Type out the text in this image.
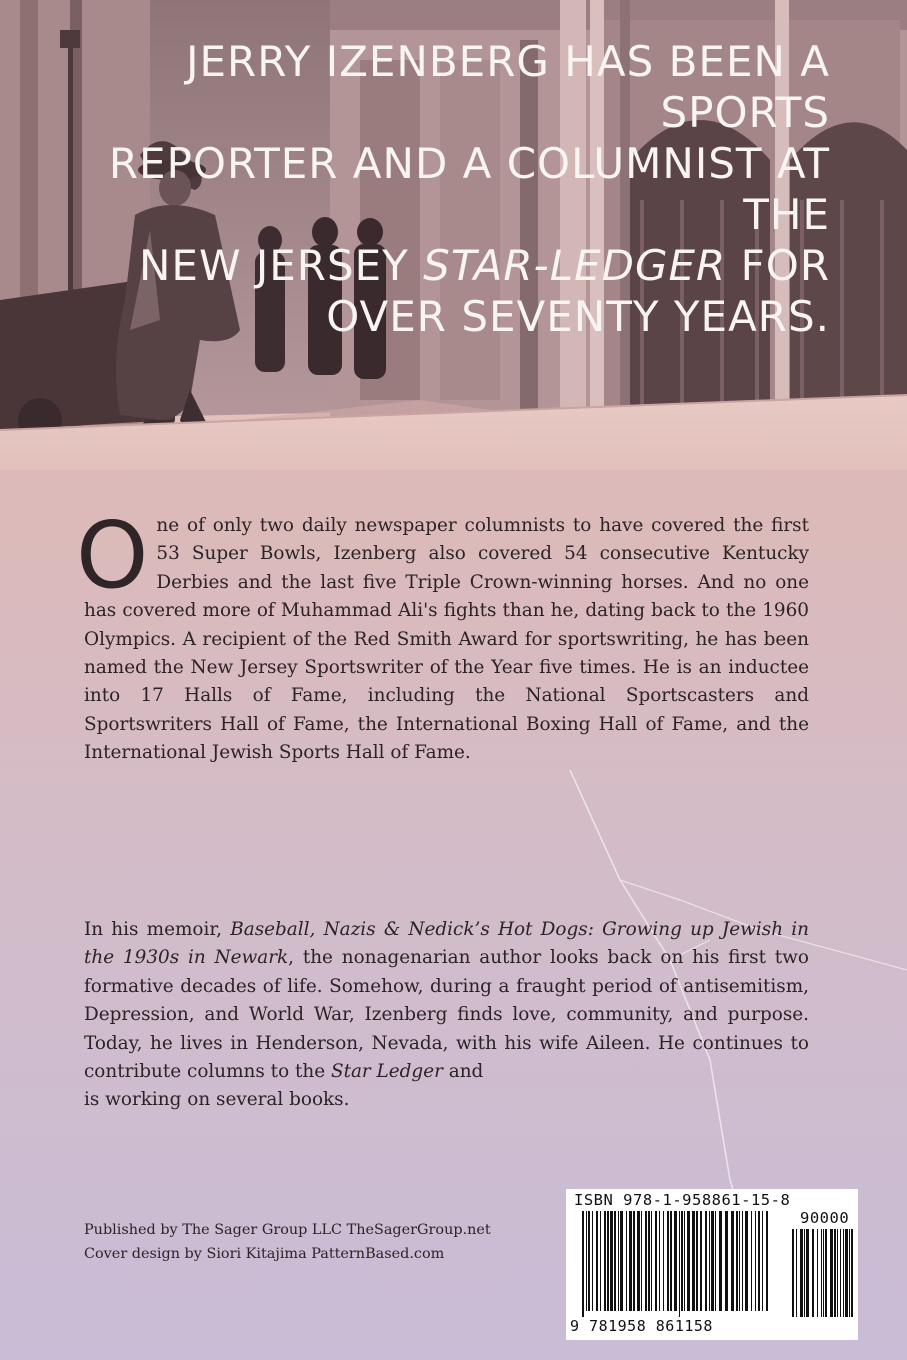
JERRY IZENBERG HAS BEEN A SPORTS
REPORTER AND A COLUMNIST AT THE
NEW JERSEY STAR-LEDGER FOR
OVER SEVENTY YEARS.
One of only two daily newspaper columnists to have covered the first 53 Super Bowls, Izenberg also covered 54 consecutive Kentucky Derbies and the last five Triple Crown-winning horses. And no one has covered more of Muhammad Ali's fights than he, dating back to the 1960 Olympics. A recipient of the Red Smith Award for sportswriting, he has been named the New Jersey Sportswriter of the Year five times. He is an inductee into 17 Halls of Fame, including the National Sportscasters and Sportswriters Hall of Fame, the International Boxing Hall of Fame, and the International Jewish Sports Hall of Fame.
In his memoir, Baseball, Nazis & Nedick’s Hot Dogs: Growing up Jewish in the 1930s in Newark, the nonagenarian author looks back on his first two formative decades of life. Somehow, during a fraught period of antisemitism, Depression, and World War, Izenberg finds love, community, and purpose. Today, he lives in Henderson, Nevada, with his wife Aileen. He continues to contribute columns to the Star Ledger and
is working on several books.
Published by The Sager Group LLC TheSagerGroup.net
Cover design by Siori Kitajima PatternBased.com
ISBN 978-1-958861-15-8
90000
9 781958 861158
